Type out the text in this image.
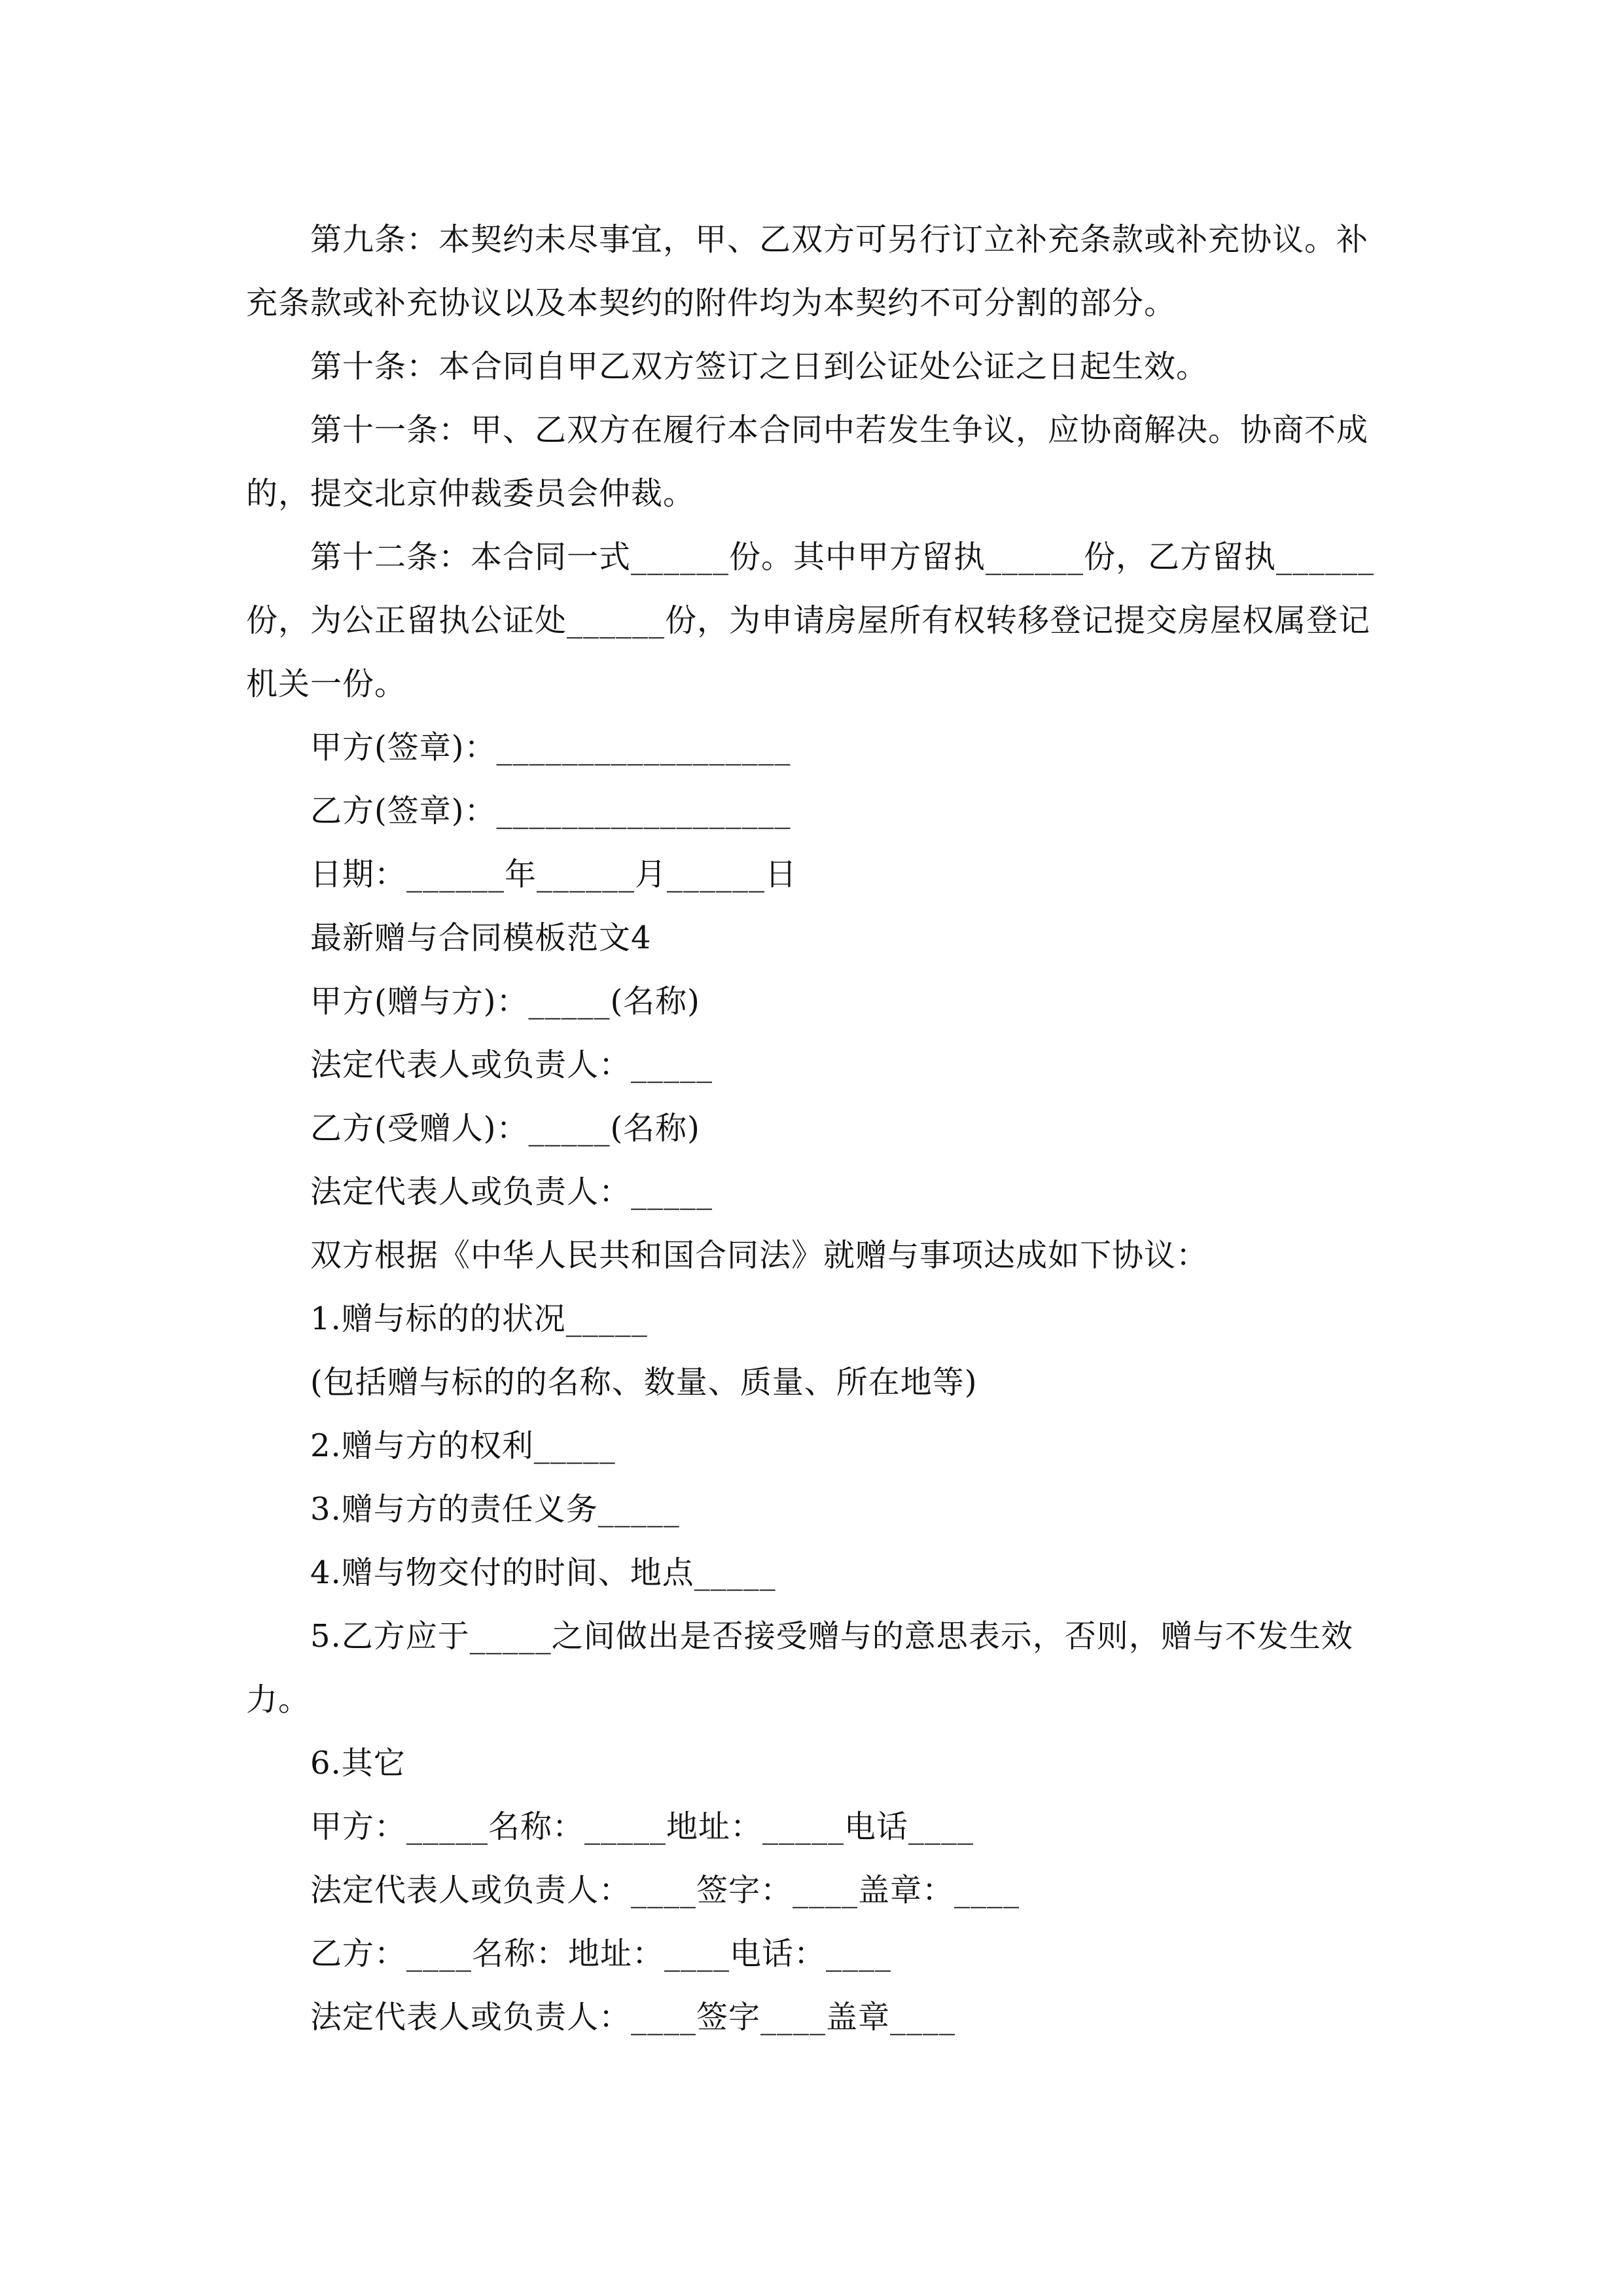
第九条：本契约未尽事宜，甲、乙双方可另行订立补充条款或补充协议。补充条款或补充协议以及本契约的附件均为本契约不可分割的部分。

第十条：本合同自甲乙双方签订之日到公证处公证之日起生效。

第十一条：甲、乙双方在履行本合同中若发生争议，应协商解决。协商不成的，提交北京仲裁委员会仲裁。

第十二条：本合同一式______份。其中甲方留执______份，乙方留执______份，为公正留执公证处______份，为申请房屋所有权转移登记提交房屋权属登记机关一份。

甲方(签章)：__________________

乙方(签章)：__________________

日期：______年______月______日

最新赠与合同模板范文4

甲方(赠与方)：_____(名称)

法定代表人或负责人：_____

乙方(受赠人)：_____(名称)

法定代表人或负责人：_____

双方根据《中华人民共和国合同法》就赠与事项达成如下协议：

1.赠与标的的状况_____

(包括赠与标的的名称、数量、质量、所在地等)

2.赠与方的权利_____

3.赠与方的责任义务_____

4.赠与物交付的时间、地点_____

5.乙方应于_____之间做出是否接受赠与的意思表示，否则，赠与不发生效力。

6.其它

甲方：_____名称：_____地址：_____电话____

法定代表人或负责人：____签字：____盖章：____

乙方：____名称：地址：____电话：____

法定代表人或负责人：____签字____盖章____
